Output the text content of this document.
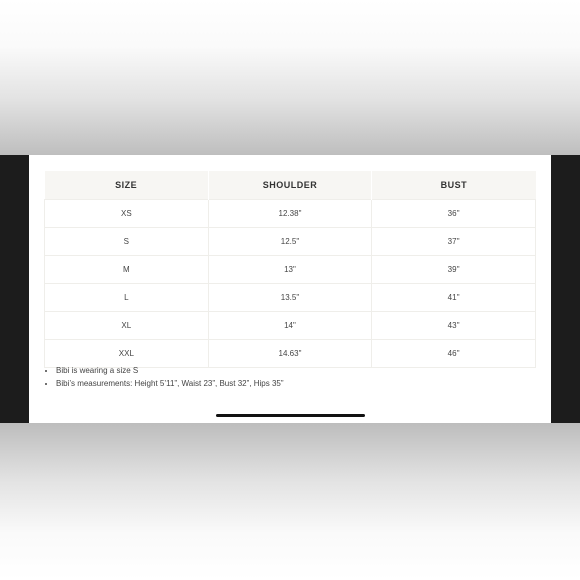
SIZE	SHOULDER	BUST
XS	12.38"	36''
S	12.5"	37''
M	13"	39''
L	13.5"	41''
XL	14"	43''
XXL	14.63"	46''
• Bibi is wearing a size S
• Bibi’s measurements: Height 5’11”, Waist 23”, Bust 32”, Hips 35”
